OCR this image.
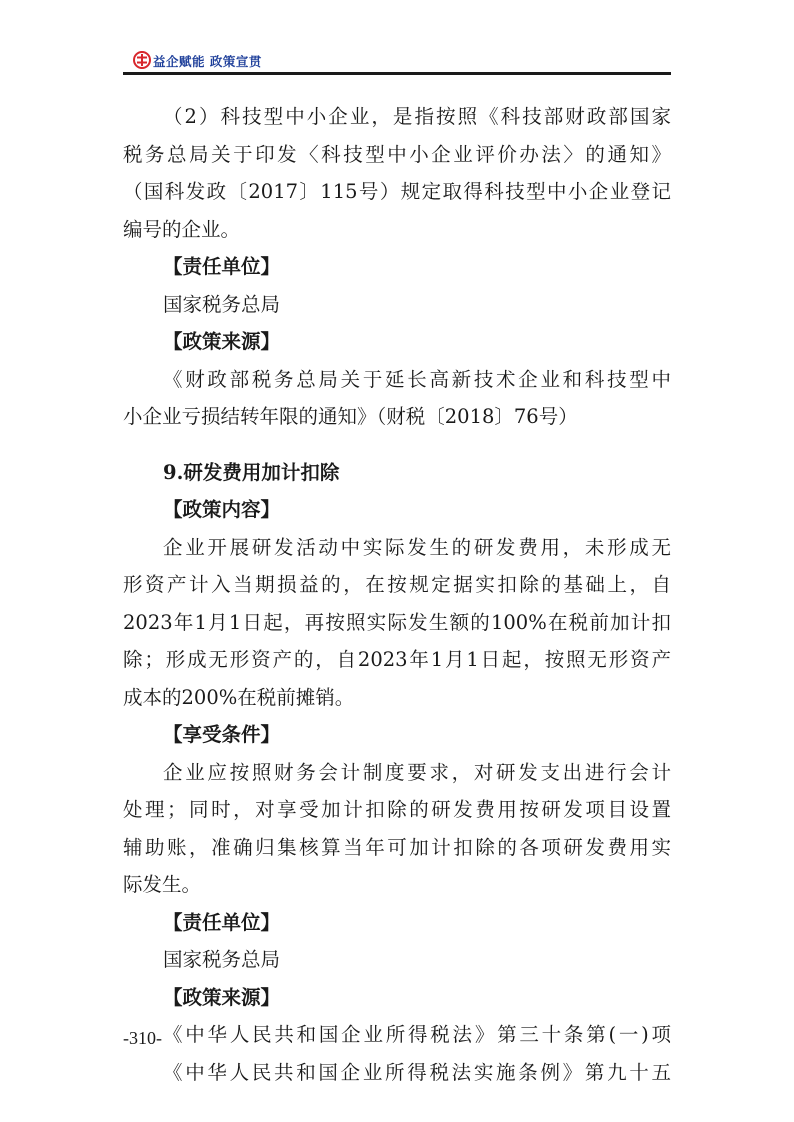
益企赋能 政策宣贯
（2）科技型中小企业，是指按照《科技部财政部国家
税务总局关于印发〈科技型中小企业评价办法〉的通知》
（国科发政〔2017〕115号）规定取得科技型中小企业登记
编号的企业。
【责任单位】
国家税务总局
【政策来源】
《财政部税务总局关于延长高新技术企业和科技型中
小企业亏损结转年限的通知》（财税〔2018〕76号）
9.研发费用加计扣除
【政策内容】
企业开展研发活动中实际发生的研发费用，未形成无
形资产计入当期损益的，在按规定据实扣除的基础上，自
2023年1月1日起，再按照实际发生额的100%在税前加计扣
除；形成无形资产的，自2023年1月1日起，按照无形资产
成本的200%在税前摊销。
【享受条件】
企业应按照财务会计制度要求，对研发支出进行会计
处理；同时，对享受加计扣除的研发费用按研发项目设置
辅助账，准确归集核算当年可加计扣除的各项研发费用实
际发生。
【责任单位】
国家税务总局
【政策来源】
《中华人民共和国企业所得税法》第三十条第(一)项
《中华人民共和国企业所得税法实施条例》第九十五
-310-
